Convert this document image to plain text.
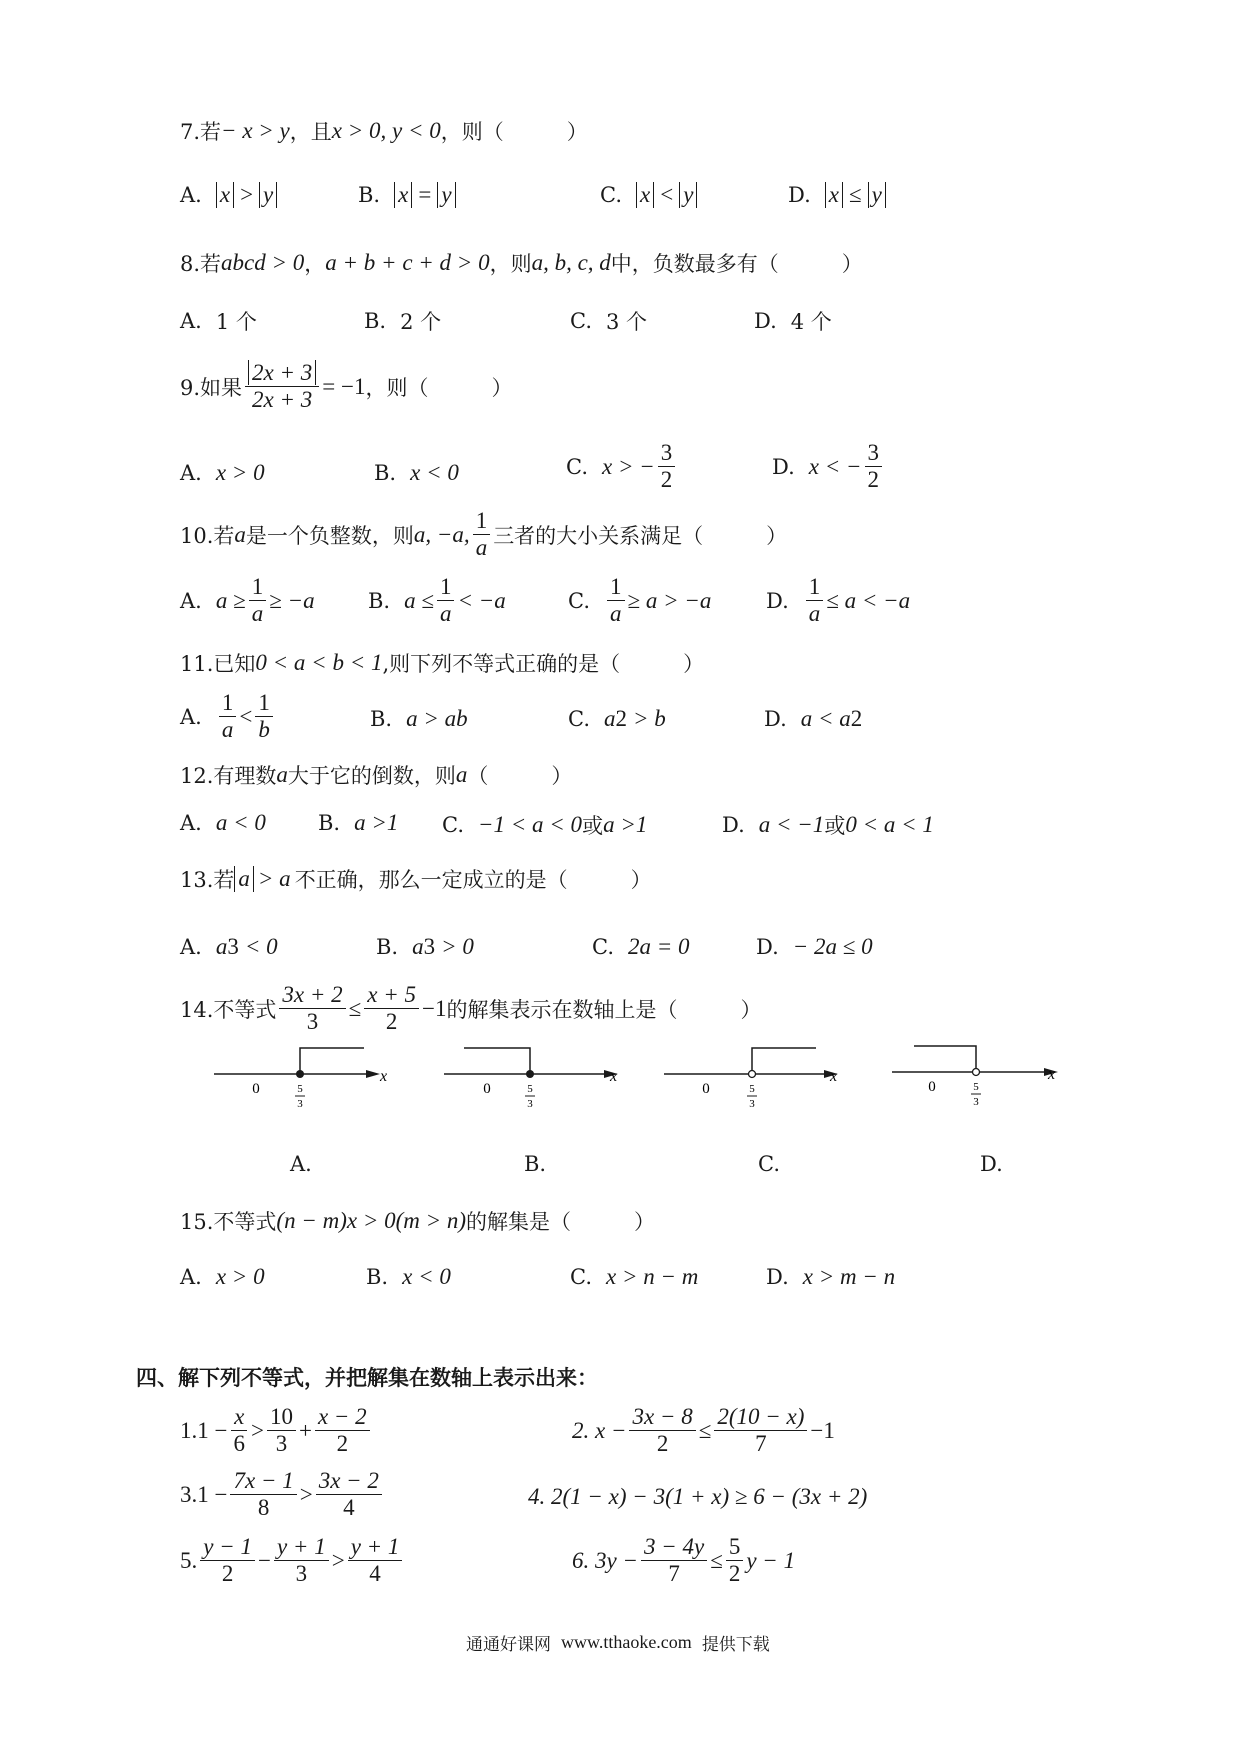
7.若 − x > y ，且 x > 0, y < 0 ，则（　　　）
A. x > y	B. x = y	C. x < y	D. x ≤ y
8.若 abcd > 0 ， a + b + c + d > 0 ，则 a, b, c, d 中，负数最多有（　　　）
A. 1 个	B. 2 个	C. 3 个	D. 4 个
9.如果 $\frac{2x + 3}{2x + 3} = -1$ ，则（　　　）
A. x > 0	B. x < 0	C. x > − $\frac{3}{2}$	D. x < − $\frac{3}{2}$
10.若 a 是一个负整数，则 a, −a, $\frac{1}{a}$ 三者的大小关系满足（　　　）
A. $a \ge \frac{1}{a} \ge -a$	B. $a \le \frac{1}{a} < -a$	C. $\frac{1}{a} \ge a > -a$	D. $\frac{1}{a} \le a < -a$
11.已知 0 < a < b < 1 ,则下列不等式正确的是（　　　）
A. $\frac{1}{a} < \frac{1}{b}$	B. a > ab	C. a 2 > b	D. a < a 2
12.有理数 a 大于它的倒数，则 a （　　　）
A. a < 0 B. a >1 C. −1 < a < 0 或 a >1	D. a < −1 或 0 < a < 1
13.若 a > a 不正确，那么一定成立的是（　　　）
A. a 3 < 0	B. a 3 > 0	C. 2a = 0	D. − 2a ≤ 0
14.不等式 $\frac{3x + 2}{3} \le \frac{x + 5}{2} -1$ 的解集表示在数轴上是（　　　）
0	5
3
x
0	5
3
x
0	5
3
x
0	5
3
x
A.	B.	C.	D.
15.不等式 (n − m)x > 0(m > n) 的解集是（　　　）
A. x > 0	B. x < 0	C. x > n − m	D. x > m − n
四、解下列不等式，并把解集在数轴上表示出来：
$1.1 - \frac{x}{6} > \frac{10}{3} + \frac{x - 2}{2}$	2. $x - \frac{3x - 8}{2} \le \frac{2(10 - x)}{7} -1$
$3.1 - \frac{7x - 1}{8} > \frac{3x - 2}{4}$	4. 2(1 − x) − 3(1 + x) ≥ 6 − (3x + 2)
5. $\frac{y - 1}{2} - \frac{y + 1}{3} > \frac{y + 1}{4}$	6. $3y - \frac{3 - 4y}{7} \le \frac{5}{2}$ y − 1
通通好课网 www.tthaoke.com 提供下载
